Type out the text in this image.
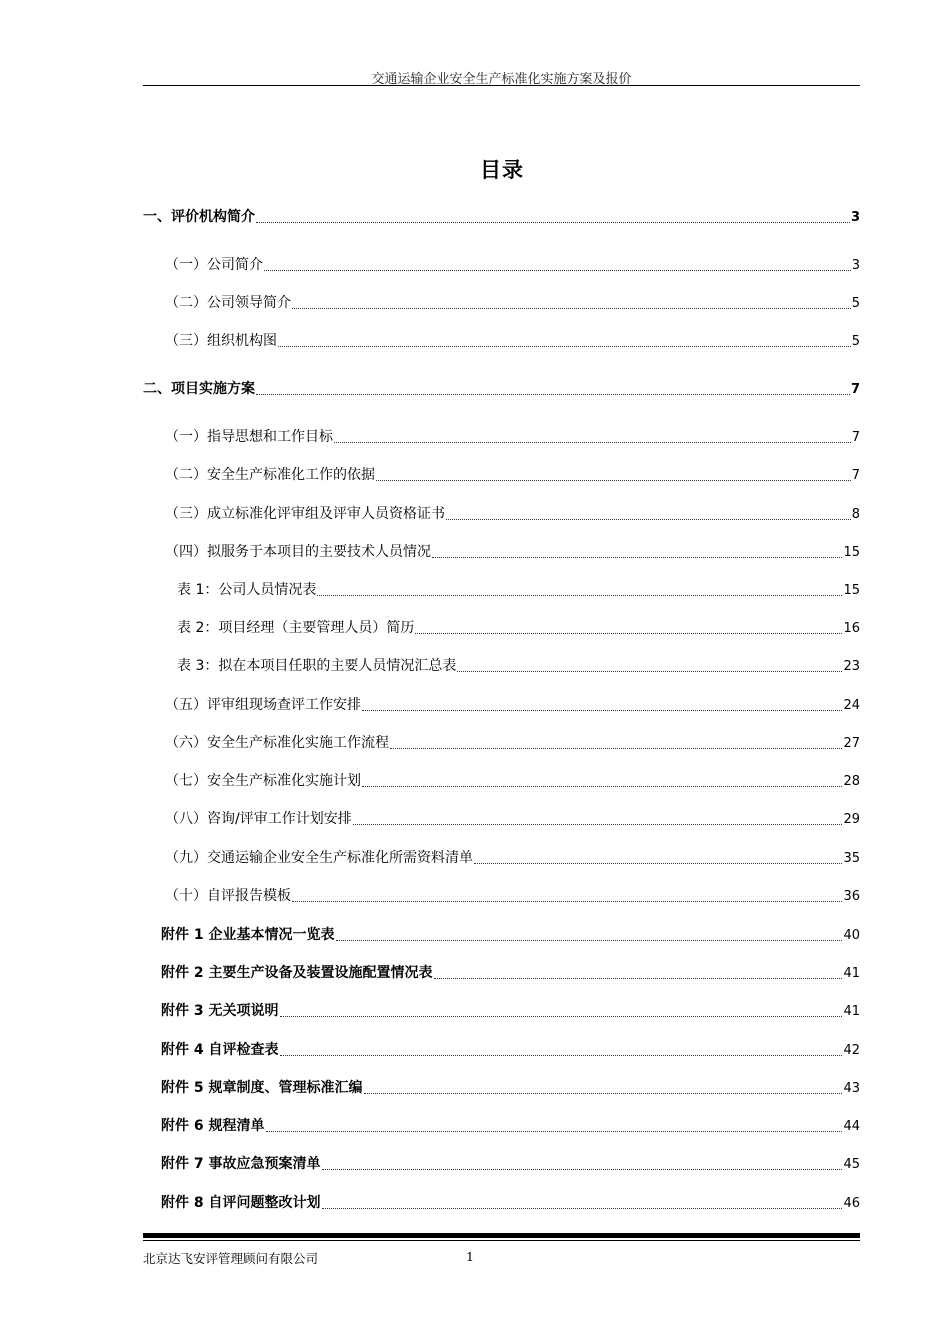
交通运输企业安全生产标准化实施方案及报价
目录
一、评价机构简介	3
（一）公司简介	3
（二）公司领导简介	5
（三）组织机构图	5
二、项目实施方案	7
（一）指导思想和工作目标	7
（二）安全生产标准化工作的依据	7
（三）成立标准化评审组及评审人员资格证书	8
（四）拟服务于本项目的主要技术人员情况	15
表 1：公司人员情况表	15
表 2：项目经理（主要管理人员）简历	16
表 3：拟在本项目任职的主要人员情况汇总表	23
（五）评审组现场查评工作安排	24
（六）安全生产标准化实施工作流程	27
（七）安全生产标准化实施计划	28
（八）咨询/评审工作计划安排	29
（九）交通运输企业安全生产标准化所需资料清单	35
（十）自评报告模板	36
附件 1 企业基本情况一览表	40
附件 2 主要生产设备及装置设施配置情况表	41
附件 3 无关项说明	41
附件 4 自评检查表	42
附件 5 规章制度、管理标准汇编	43
附件 6 规程清单	44
附件 7 事故应急预案清单	45
附件 8 自评问题整改计划	46
北京达飞安评管理顾问有限公司	1
